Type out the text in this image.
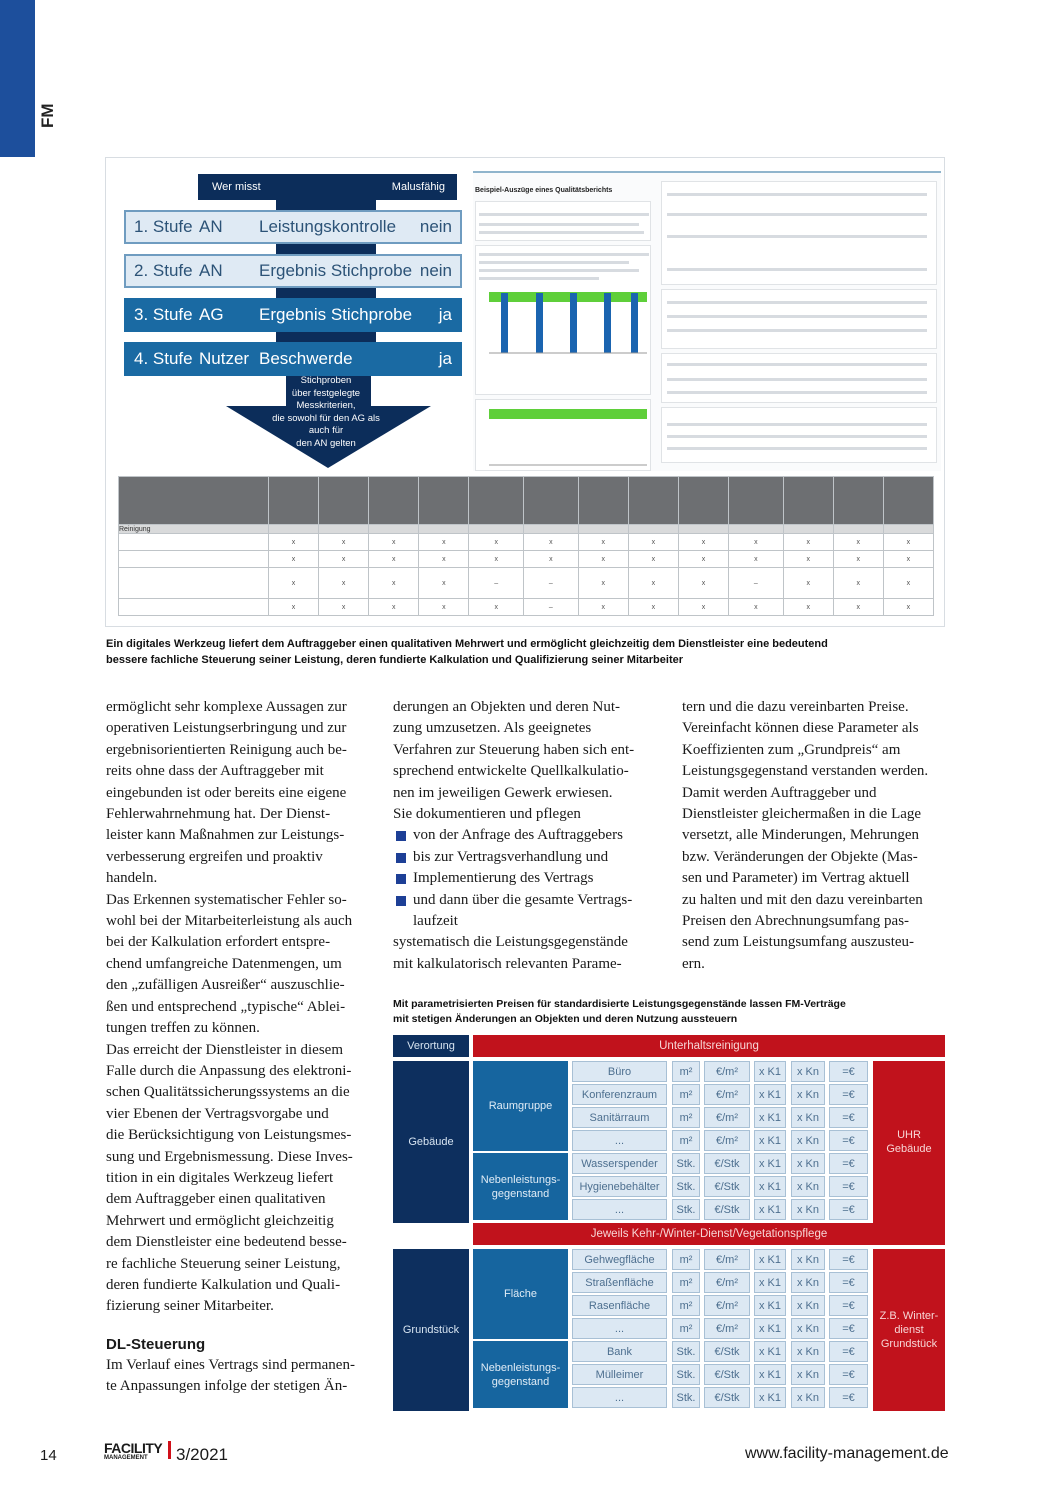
FM
Wer misst	Malusfähig
1. Stufe AN	Leistungskontrolle	nein
2. Stufe AN	Ergebnis Stichprobe nein
3. Stufe AG	Ergebnis Stichprobe	ja
4. Stufe Nutzer Beschwerde	ja
Stichproben
über festgelegte
Messkriterien,
die sowohl für den AG als
auch für
den AN gelten
Beispiel-Auszüge eines Qualitätsberichts

Reinigung													
	x	x	x	x	x	x	x	x	x	x	x	x	x
	x	x	x	x	x	x	x	x	x	x	x	x	x
	x	x	x	x	–	–	x	x	x	–	x	x	x
	x	x	x	x	x	–	x	x	x	x	x	x	x
Ein digitales Werkzeug liefert dem Auftraggeber einen qualitativen Mehrwert und ermöglicht gleichzeitig dem Dienstleister eine bedeutend
bessere fachliche Steuerung seiner Leistung, deren fundierte Kalkulation und Qualifizierung seiner Mitarbeiter
ermöglicht sehr komplexe Aussagen zur
operativen Leistungserbringung und zur
ergebnisorientierten Reinigung auch be-
reits ohne dass der Auftraggeber mit
eingebunden ist oder bereits eine eigene
Fehlerwahrnehmung hat. Der Dienst-
leister kann Maßnahmen zur Leistungs-
verbesserung ergreifen und proaktiv
handeln.
Das Erkennen systematischer Fehler so-
wohl bei der Mitarbeiterleistung als auch
bei der Kalkulation erfordert entspre-
chend umfangreiche Datenmengen, um
den „zufälligen Ausreißer“ auszuschlie-
ßen und entsprechend „typische“ Ablei-
tungen treffen zu können.
Das erreicht der Dienstleister in diesem
Falle durch die Anpassung des elektroni-
schen Qualitätssicherungssystems an die
vier Ebenen der Vertragsvorgabe und
die Berücksichtigung von Leistungsmes-
sung und Ergebnismessung. Diese Inves-
tition in ein digitales Werkzeug liefert
dem Auftraggeber einen qualitativen
Mehrwert und ermöglicht gleichzeitig
dem Dienstleister eine bedeutend besse-
re fachliche Steuerung seiner Leistung,
deren fundierte Kalkulation und Quali-
fizierung seiner Mitarbeiter.
DL-Steuerung
Im Verlauf eines Vertrags sind permanen-
te Anpassungen infolge der stetigen Än-
derungen an Objekten und deren Nut-
zung umzusetzen. Als geeignetes
Verfahren zur Steuerung haben sich ent-
sprechend entwickelte Quellkalkulatio-
nen im jeweiligen Gewerk erwiesen.
Sie dokumentieren und pflegen
von der Anfrage des Auftraggebers
bis zur Vertragsverhandlung und
Implementierung des Vertrags
und dann über die gesamte Vertrags-
laufzeit
systematisch die Leistungsgegenstände
mit kalkulatorisch relevanten Parame-
tern und die dazu vereinbarten Preise.
Vereinfacht können diese Parameter als
Koeffizienten zum „Grundpreis“ am
Leistungsgegenstand verstanden werden.
Damit werden Auftraggeber und
Dienstleister gleichermaßen in die Lage
versetzt, alle Minderungen, Mehrungen
bzw. Veränderungen der Objekte (Mas-
sen und Parameter) im Vertrag aktuell
zu halten und mit den dazu vereinbarten
Preisen den Abrechnungsumfang pas-
send zum Leistungsumfang auszusteu-
ern.
Mit parametrisierten Preisen für standardisierte Leistungsgegenstände lassen FM-Verträge
mit stetigen Änderungen an Objekten und deren Nutzung aussteuern
Verortung	Unterhaltsreinigung
Gebäude
UHR Gebäude
Raumgruppe
Büro	m²	€/m²	x K1	x Kn	=€
Konferenzraum	m²	€/m²	x K1	x Kn	=€
Sanitärraum	m²	€/m²	x K1	x Kn	=€
...	m²	€/m²	x K1	x Kn	=€
Nebenleistungs-gegenstand
Wasserspender	Stk.	€/Stk	x K1	x Kn	=€
Hygienebehälter	Stk.	€/Stk	x K1	x Kn	=€
...	Stk.	€/Stk	x K1	x Kn	=€
Jeweils Kehr-/Winter-Dienst/Vegetationspflege
Grundstück
Z.B. Winter-dienst Grundstück
Fläche
Gehwegfläche	m²	€/m²	x K1	x Kn	=€
Straßenfläche	m²	€/m²	x K1	x Kn	=€
Rasenfläche	m²	€/m²	x K1	x Kn	=€
...	m²	€/m²	x K1	x Kn	=€
Nebenleistungs-gegenstand
Bank	Stk.	€/Stk	x K1	x Kn	=€
Mülleimer	Stk.	€/Stk	x K1	x Kn	=€
...	Stk.	€/Stk	x K1	x Kn	=€
14	FACILITY
MANAGEMENT	3/2021	www.facility-management.de
